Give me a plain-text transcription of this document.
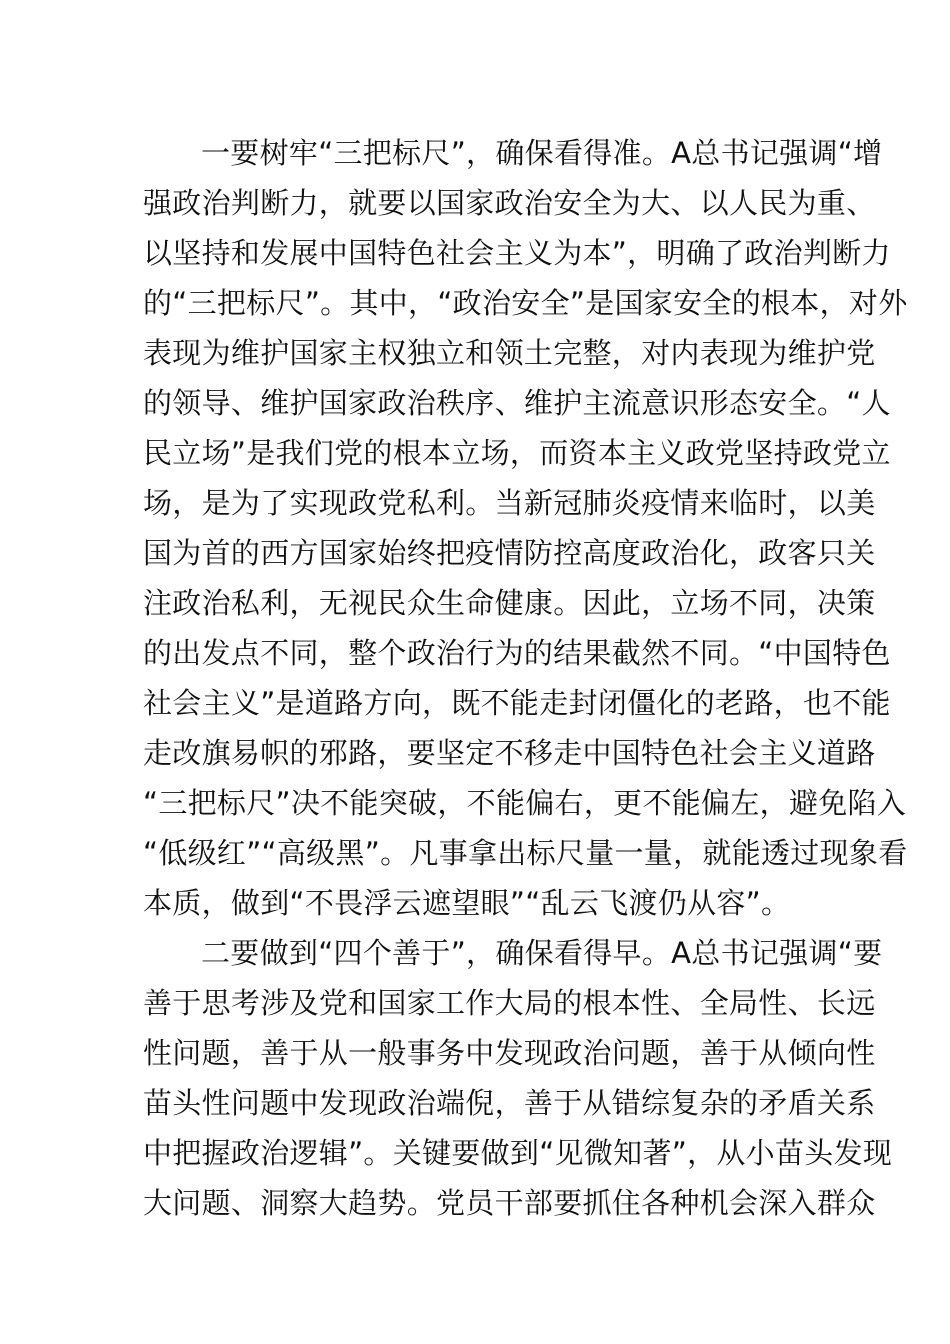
一要树牢“三把标尺”，确保看得准。A总书记强调“增
强政治判断力，就要以国家政治安全为大、以人民为重、
以坚持和发展中国特色社会主义为本”，明确了政治判断力
的“三把标尺”。其中，“政治安全”是国家安全的根本，对外
表现为维护国家主权独立和领土完整，对内表现为维护党
的领导、维护国家政治秩序、维护主流意识形态安全。“人
民立场”是我们党的根本立场，而资本主义政党坚持政党立
场，是为了实现政党私利。当新冠肺炎疫情来临时，以美
国为首的西方国家始终把疫情防控高度政治化，政客只关
注政治私利，无视民众生命健康。因此，立场不同，决策
的出发点不同，整个政治行为的结果截然不同。“中国特色
社会主义”是道路方向，既不能走封闭僵化的老路，也不能
走改旗易帜的邪路，要坚定不移走中国特色社会主义道路
“三把标尺”决不能突破，不能偏右，更不能偏左，避免陷入
“低级红”“高级黑”。凡事拿出标尺量一量，就能透过现象看
本质，做到“不畏浮云遮望眼”“乱云飞渡仍从容”。
二要做到“四个善于”，确保看得早。A总书记强调“要
善于思考涉及党和国家工作大局的根本性、全局性、长远
性问题，善于从一般事务中发现政治问题，善于从倾向性
苗头性问题中发现政治端倪，善于从错综复杂的矛盾关系
中把握政治逻辑”。关键要做到“见微知著”，从小苗头发现
大问题、洞察大趋势。党员干部要抓住各种机会深入群众
